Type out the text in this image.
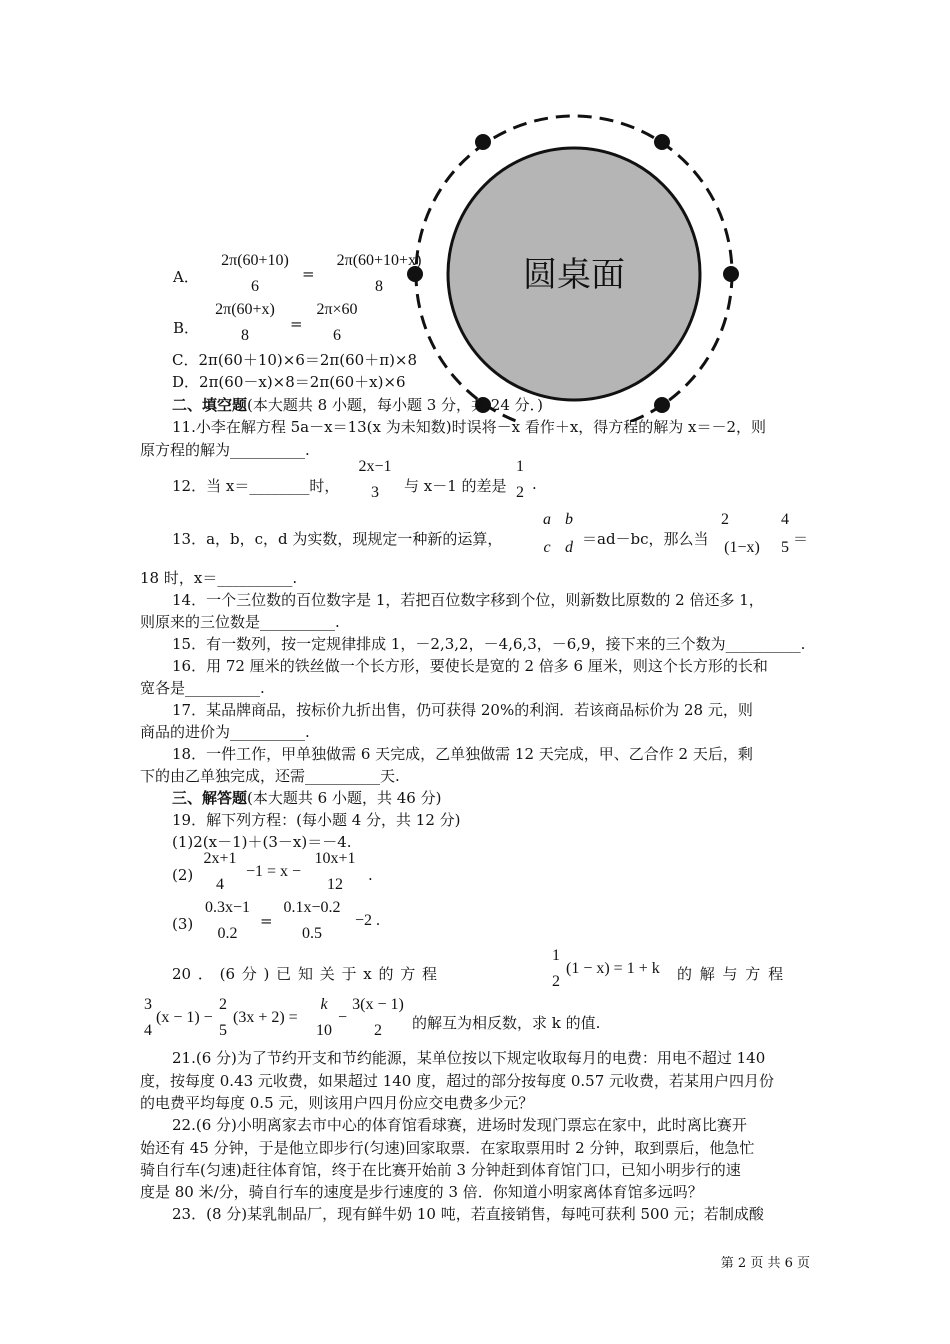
圆桌面
A．
2π(60+10)
6
=
2π(60+10+x)
8
B．
2π(60+x)
8
=
2π×60
6
C．2π(60＋10)×6＝2π(60＋π)×8
D．2π(60－x)×8＝2π(60＋x)×6
二、填空题(本大题共 8 小题，每小题 3 分，共 24 分．)
11.小李在解方程 5a－x＝13(x 为未知数)时误将－x 看作＋x，得方程的解为 x＝－2，则
原方程的解为__________.
12．当 x＝________时，
2x−1
3	与 x－1 的差是
1
2 .
13．a，b，c，d 为实数，现规定一种新的运算，
a b
c d ＝ad－bc，那么当
2	4
(1−x)	5 ＝
18 时，x＝__________.
14．一个三位数的百位数字是 1，若把百位数字移到个位，则新数比原数的 2 倍还多 1，
则原来的三位数是__________.
15．有一数列，按一定规律排成 1，－2,3,2，－4,6,3，－6,9，接下来的三个数为__________.
16．用 72 厘米的铁丝做一个长方形，要使长是宽的 2 倍多 6 厘米，则这个长方形的长和
宽各是__________.
17．某品牌商品，按标价九折出售，仍可获得 20%的利润．若该商品标价为 28 元，则
商品的进价为__________.
18．一件工作，甲单独做需 6 天完成，乙单独做需 12 天完成，甲、乙合作 2 天后，剩
下的由乙单独完成，还需__________天.
三、解答题(本大题共 6 小题，共 46 分)
19．解下列方程：(每小题 4 分，共 12 分)
(1)2(x－1)＋(3－x)＝－4.
(2)
2x+1
4
−1 = x −
10x+1
12
.
(3)
0.3x−1
0.2
=
0.1x−0.2
0.5
−2 .
20 ． (6 分 ) 已 知 关 于 x 的 方 程
1
2
(1 − x) = 1 + k 的 解 与 方 程
3
4
(x − 1) −
2
5
(3x + 2) =
k
10
−
3(x − 1)
2	的解互为相反数，求 k 的值.
21.(6 分)为了节约开支和节约能源，某单位按以下规定收取每月的电费：用电不超过 140
度，按每度 0.43 元收费，如果超过 140 度，超过的部分按每度 0.57 元收费，若某用户四月份
的电费平均每度 0.5 元，则该用户四月份应交电费多少元？
22.(6 分)小明离家去市中心的体育馆看球赛，进场时发现门票忘在家中，此时离比赛开
始还有 45 分钟，于是他立即步行(匀速)回家取票．在家取票用时 2 分钟，取到票后，他急忙
骑自行车(匀速)赶往体育馆，终于在比赛开始前 3 分钟赶到体育馆门口，已知小明步行的速
度是 80 米/分，骑自行车的速度是步行速度的 3 倍．你知道小明家离体育馆多远吗？
23．(8 分)某乳制品厂，现有鲜牛奶 10 吨，若直接销售，每吨可获利 500 元；若制成酸
第 2 页 共 6 页
